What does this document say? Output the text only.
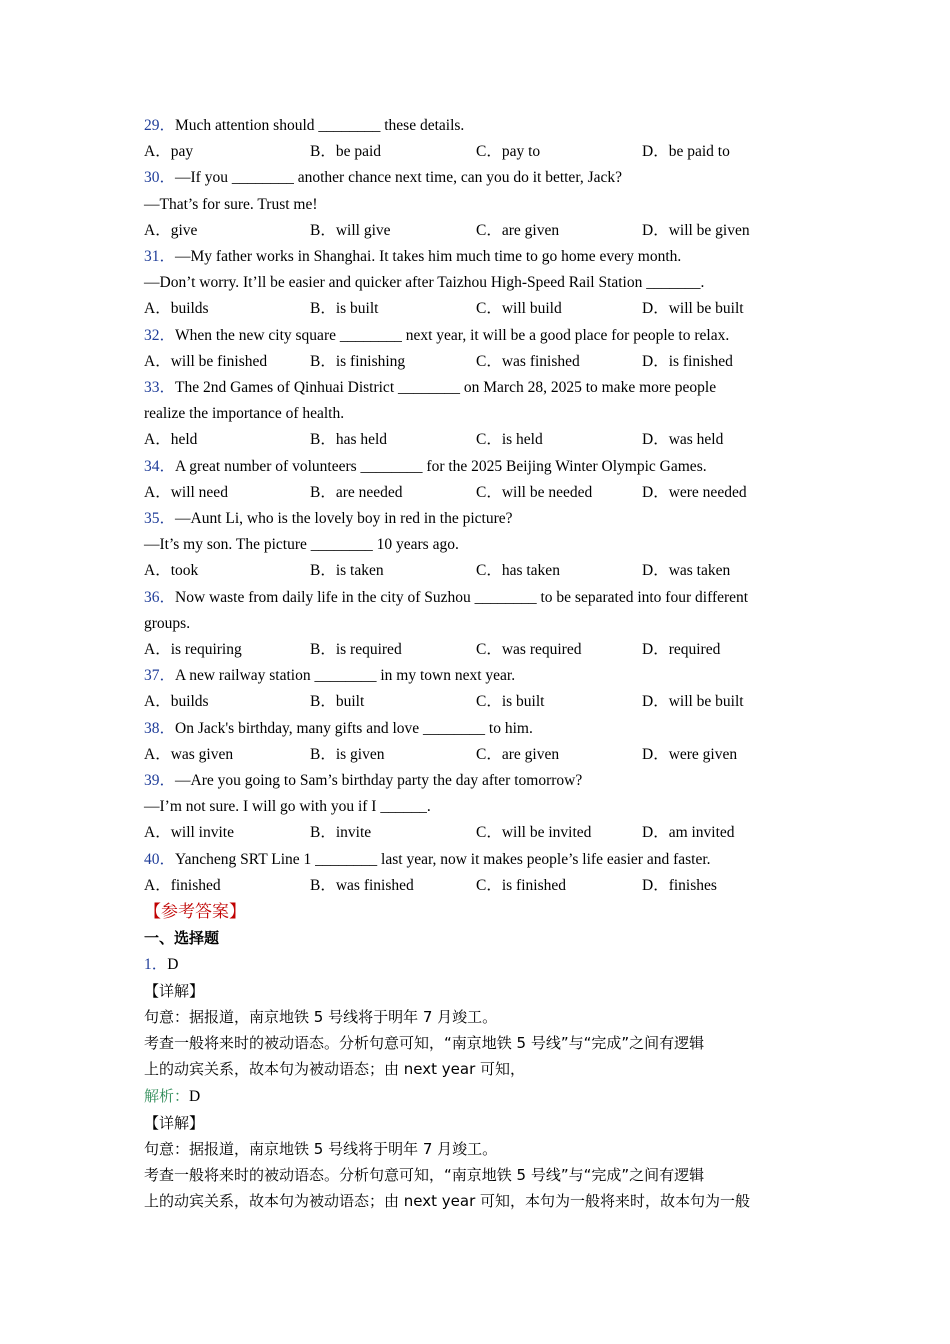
29．Much attention should ________ these details.
A．pay	B．be paid	C．pay to	D．be paid to
30．—If you ________ another chance next time, can you do it better, Jack?
—That’s for sure. Trust me!
A．give	B．will give	C．are given	D．will be given
31．—My father works in Shanghai. It takes him much time to go home every month.
—Don’t worry. It’ll be easier and quicker after Taizhou High-Speed Rail Station _______.
A．builds	B．is built	C．will build	D．will be built
32．When the new city square ________ next year, it will be a good place for people to relax.
A．will be finished	B．is finishing	C．was finished	D．is finished
33．The 2nd Games of Qinhuai District ________ on March 28, 2025 to make more people
realize the importance of health.
A．held	B．has held	C．is held	D．was held
34．A great number of volunteers ________ for the 2025 Beijing Winter Olympic Games.
A．will need	B．are needed	C．will be needed	D．were needed
35．—Aunt Li, who is the lovely boy in red in the picture?
—It’s my son. The picture ________ 10 years ago.
A．took	B．is taken	C．has taken	D．was taken
36．Now waste from daily life in the city of Suzhou ________ to be separated into four different
groups.
A．is requiring	B．is required	C．was required	D．required
37．A new railway station ________ in my town next year.
A．builds	B．built	C．is built	D．will be built
38．On Jack's birthday, many gifts and love ________ to him.
A．was given	B．is given	C．are given	D．were given
39．—Are you going to Sam’s birthday party the day after tomorrow?
—I’m not sure. I will go with you if I ______.
A．will invite	B．invite	C．will be invited	D．am invited
40．Yancheng SRT Line 1 ________ last year, now it makes people’s life easier and faster.
A．finished	B．was finished	C．is finished	D．finishes
【参考答案】
一、选择题
1．D
【详解】
句意：据报道，南京地铁 5 号线将于明年 7 月竣工。
考查一般将来时的被动语态。分析句意可知，“南京地铁 5 号线”与“完成”之间有逻辑
上的动宾关系，故本句为被动语态；由 next year 可知，
解析：D
【详解】
句意：据报道，南京地铁 5 号线将于明年 7 月竣工。
考查一般将来时的被动语态。分析句意可知，“南京地铁 5 号线”与“完成”之间有逻辑
上的动宾关系，故本句为被动语态；由 next year 可知，本句为一般将来时，故本句为一般
